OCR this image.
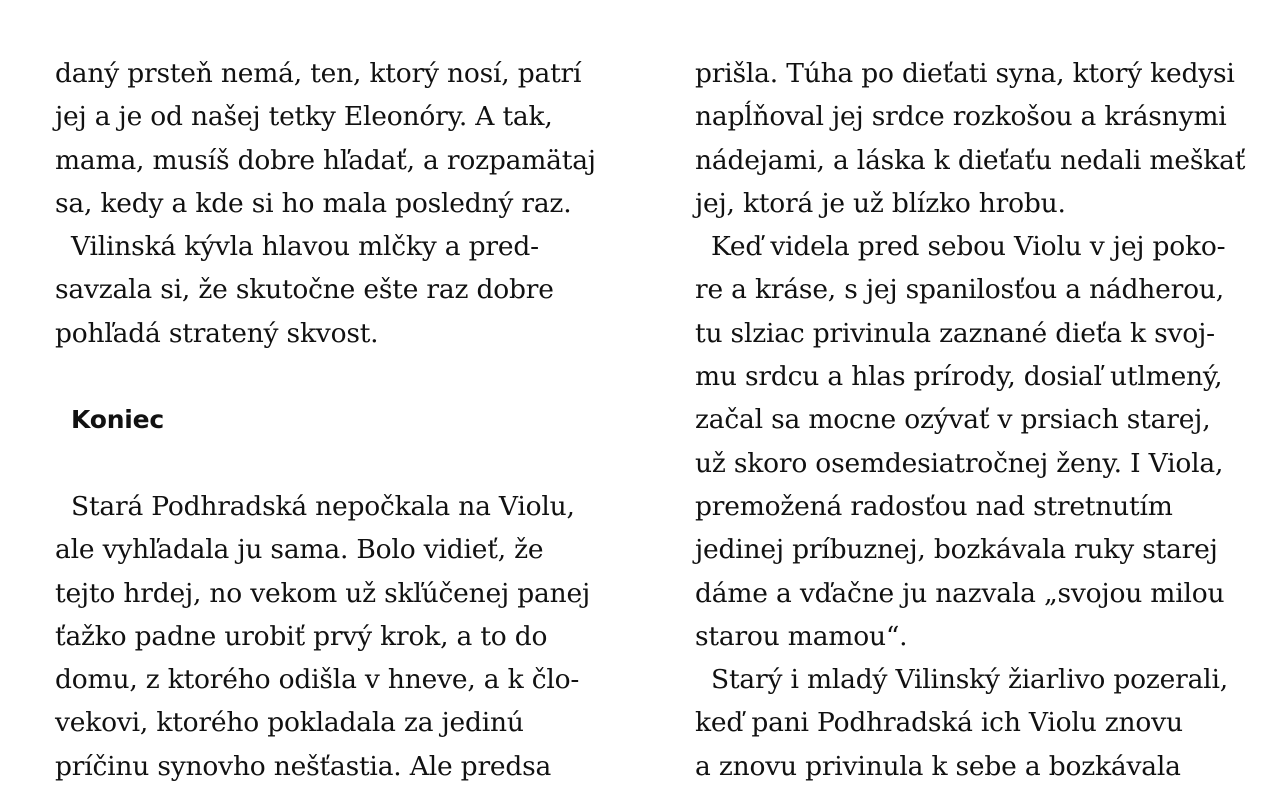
daný prsteň nemá, ten, ktorý nosí, patrí
jej a je od našej tetky Eleonóry. A tak,
mama, musíš dobre hľadať, a rozpamätaj
sa, kedy a kde si ho mala posledný raz.
Vilinská kývla hlavou mlčky a pred-
savzala si, že skutočne ešte raz dobre
pohľadá stratený skvost.
Koniec
Stará Podhradská nepočkala na Violu,
ale vyhľadala ju sama. Bolo vidieť, že
tejto hrdej, no vekom už skľúčenej panej
ťažko padne urobiť prvý krok, a to do
domu, z ktorého odišla v hneve, a k člo-
vekovi, ktorého pokladala za jedinú
príčinu synovho nešťastia. Ale predsa
prišla. Túha po dieťati syna, ktorý kedysi
napĺňoval jej srdce rozkošou a krásnymi
nádejami, a láska k dieťaťu nedali meškať
jej, ktorá je už blízko hrobu.
Keď videla pred sebou Violu v jej poko-
re a kráse, s jej spanilosťou a nádherou,
tu slziac privinula zaznané dieťa k svoj-
mu srdcu a hlas prírody, dosiaľ utlmený,
začal sa mocne ozývať v prsiach starej,
už skoro osemdesiatročnej ženy. I Viola,
premožená radosťou nad stretnutím
jedinej príbuznej, bozkávala ruky starej
dáme a vďačne ju nazvala „svojou milou
starou mamou“.
Starý i mladý Vilinský žiarlivo pozerali,
keď pani Podhradská ich Violu znovu
a znovu privinula k sebe a bozkávala
